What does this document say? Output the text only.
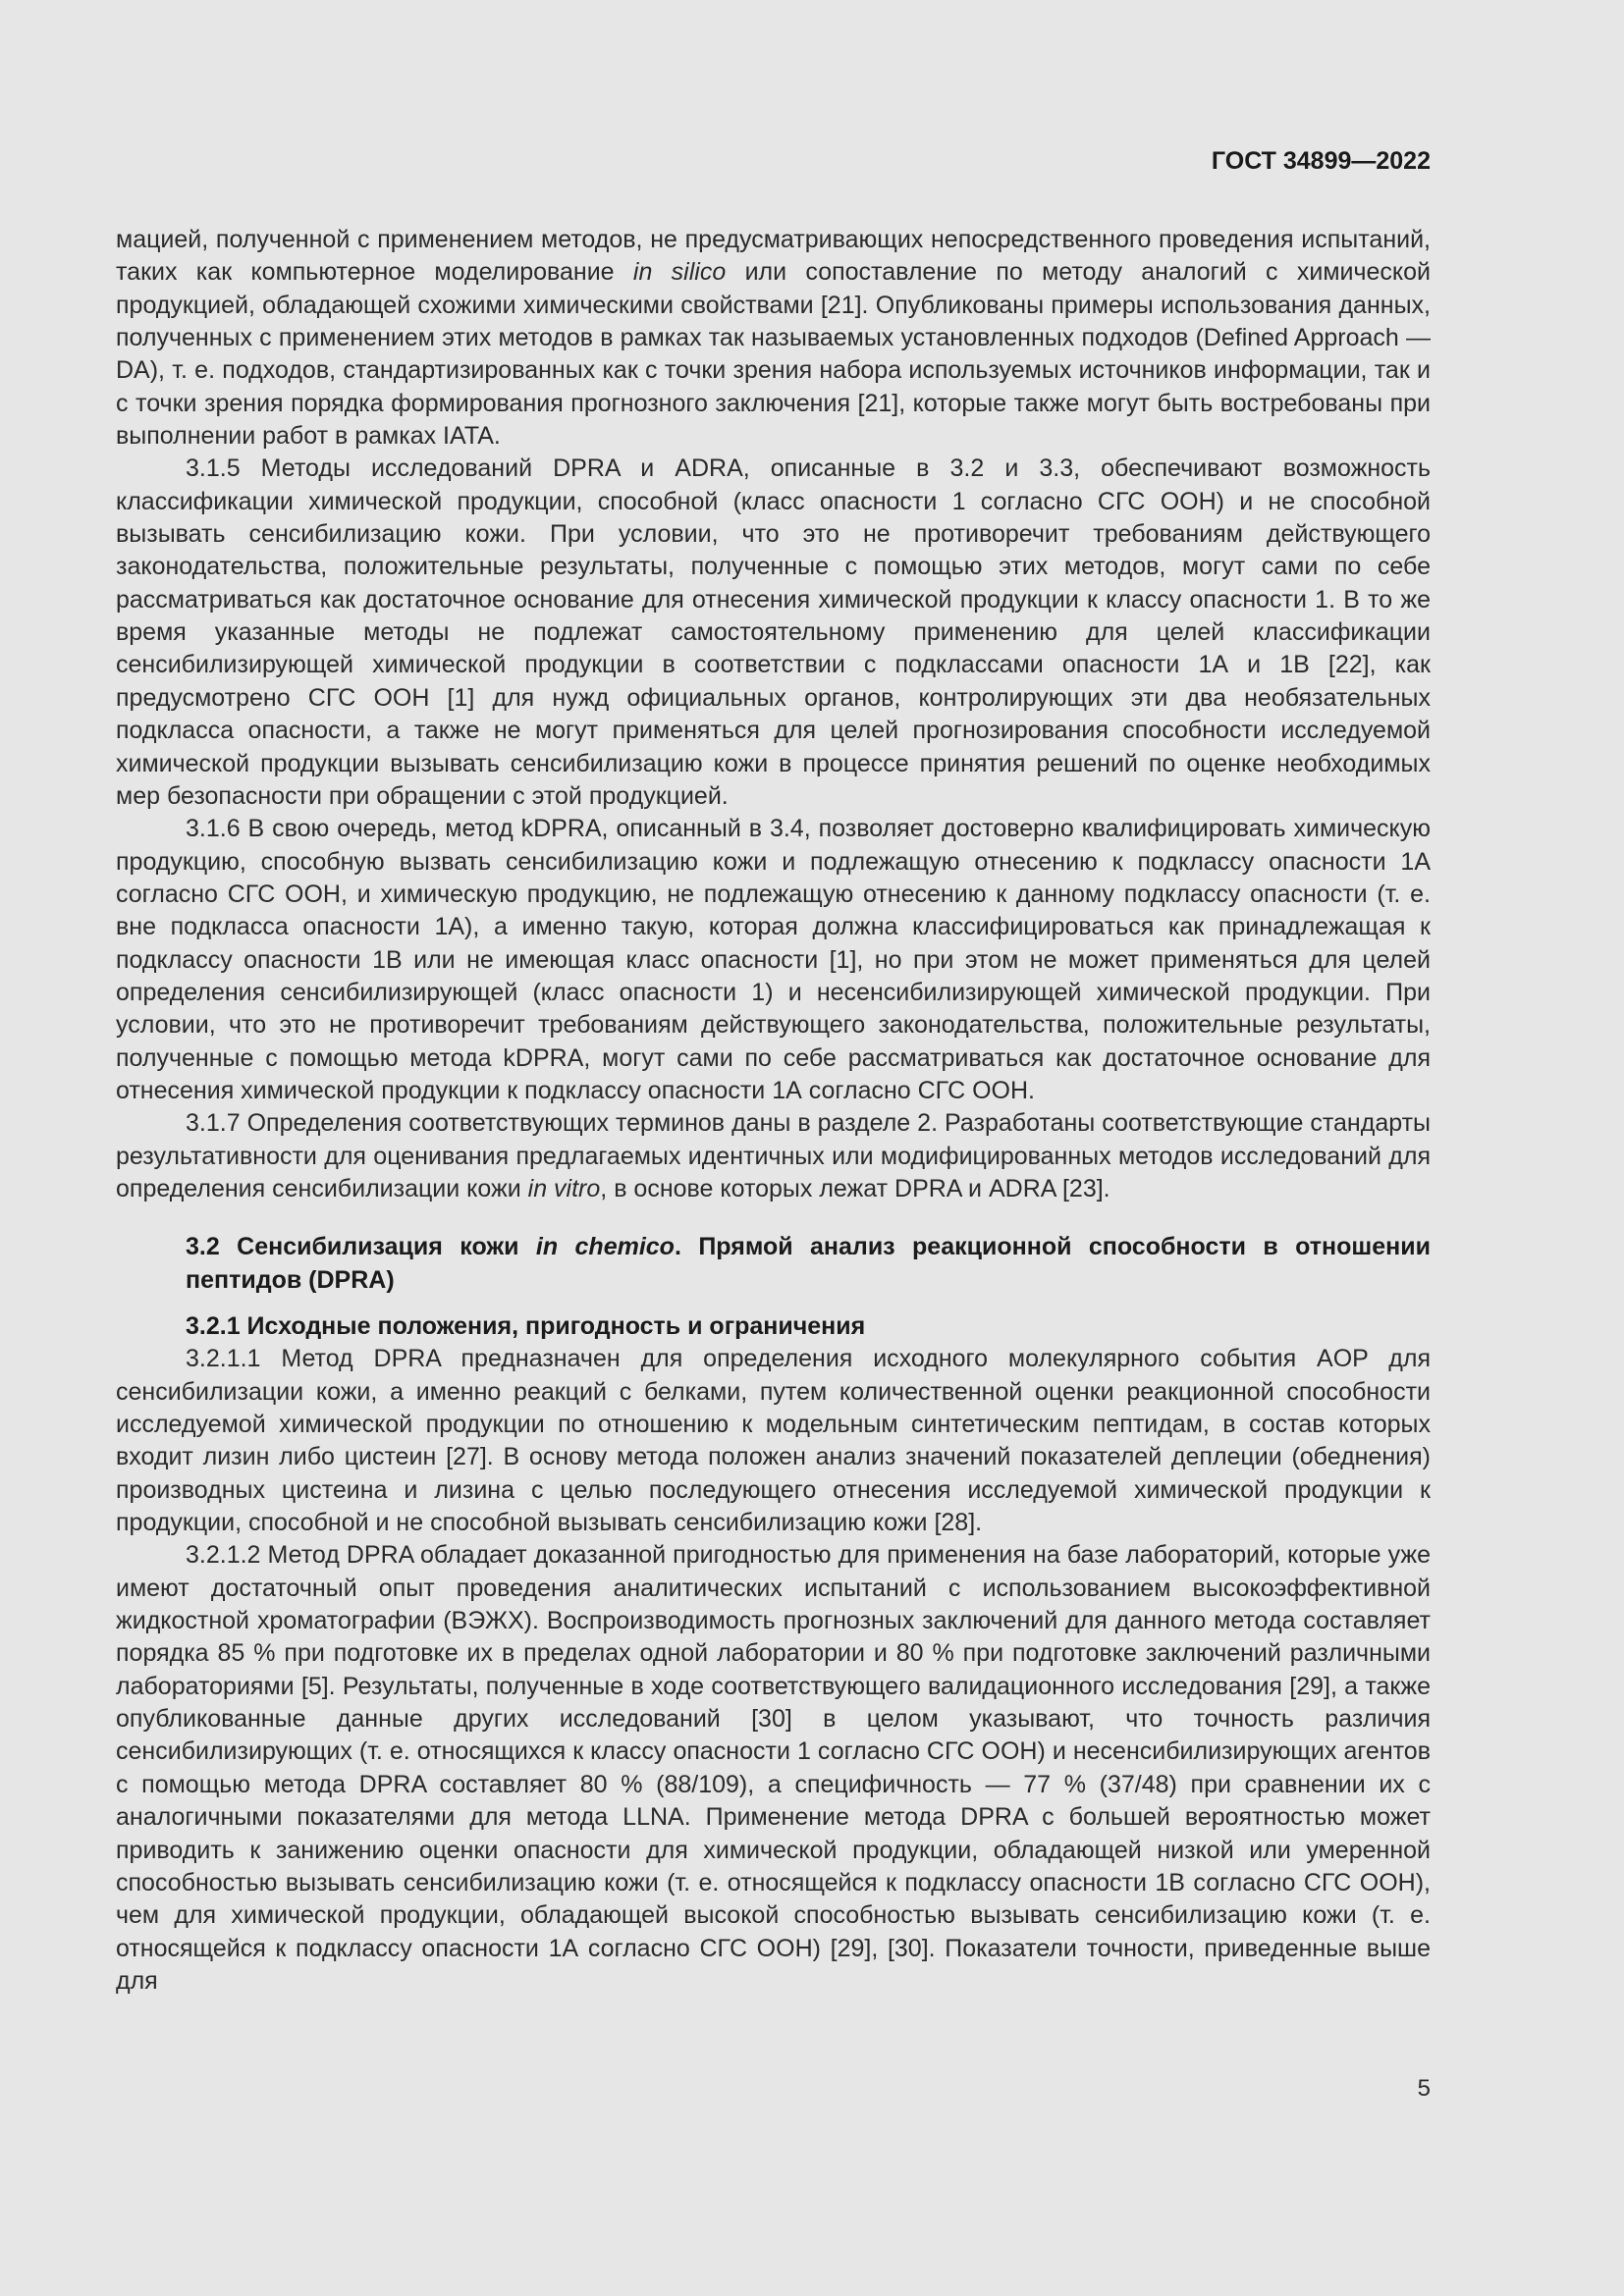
ГОСТ 34899—2022

мацией, полученной с применением методов, не предусматривающих непосредственного проведения испытаний, таких как компьютерное моделирование in silico или сопоставление по методу аналогий с химической продукцией, обладающей схожими химическими свойствами [21]. Опубликованы примеры использования данных, полученных с применением этих методов в рамках так называемых установленных подходов (Defined Approach — DA), т. е. подходов, стандартизированных как с точки зрения набора используемых источников информации, так и с точки зрения порядка формирования прогнозного заключения [21], которые также могут быть востребованы при выполнении работ в рамках IATA.

3.1.5 Методы исследований DPRA и ADRA, описанные в 3.2 и 3.3, обеспечивают возможность классификации химической продукции, способной (класс опасности 1 согласно СГС ООН) и не способной вызывать сенсибилизацию кожи. При условии, что это не противоречит требованиям действующего законодательства, положительные результаты, полученные с помощью этих методов, могут сами по себе рассматриваться как достаточное основание для отнесения химической продукции к классу опасности 1. В то же время указанные методы не подлежат самостоятельному применению для целей классификации сенсибилизирующей химической продукции в соответствии с подклассами опасности 1А и 1В [22], как предусмотрено СГС ООН [1] для нужд официальных органов, контролирующих эти два необязательных подкласса опасности, а также не могут применяться для целей прогнозирования способности исследуемой химической продукции вызывать сенсибилизацию кожи в процессе принятия решений по оценке необходимых мер безопасности при обращении с этой продукцией.

3.1.6 В свою очередь, метод kDPRA, описанный в 3.4, позволяет достоверно квалифицировать химическую продукцию, способную вызвать сенсибилизацию кожи и подлежащую отнесению к подклассу опасности 1А согласно СГС ООН, и химическую продукцию, не подлежащую отнесению к данному подклассу опасности (т. е. вне подкласса опасности 1А), а именно такую, которая должна классифицироваться как принадлежащая к подклассу опасности 1В или не имеющая класс опасности [1], но при этом не может применяться для целей определения сенсибилизирующей (класс опасности 1) и несенсибилизирующей химической продукции. При условии, что это не противоречит требованиям действующего законодательства, положительные результаты, полученные с помощью метода kDPRA, могут сами по себе рассматриваться как достаточное основание для отнесения химической продукции к подклассу опасности 1А согласно СГС ООН.

3.1.7 Определения соответствующих терминов даны в разделе 2. Разработаны соответствующие стандарты результативности для оценивания предлагаемых идентичных или модифицированных методов исследований для определения сенсибилизации кожи in vitro, в основе которых лежат DPRA и ADRA [23].

3.2 Сенсибилизация кожи in chemico. Прямой анализ реакционной способности в отношении пептидов (DPRA)

3.2.1 Исходные положения, пригодность и ограничения

3.2.1.1 Метод DPRA предназначен для определения исходного молекулярного события AOP для сенсибилизации кожи, а именно реакций с белками, путем количественной оценки реакционной способности исследуемой химической продукции по отношению к модельным синтетическим пептидам, в состав которых входит лизин либо цистеин [27]. В основу метода положен анализ значений показателей деплеции (обеднения) производных цистеина и лизина с целью последующего отнесения исследуемой химической продукции к продукции, способной и не способной вызывать сенсибилизацию кожи [28].

3.2.1.2 Метод DPRA обладает доказанной пригодностью для применения на базе лабораторий, которые уже имеют достаточный опыт проведения аналитических испытаний с использованием высокоэффективной жидкостной хроматографии (ВЭЖХ). Воспроизводимость прогнозных заключений для данного метода составляет порядка 85 % при подготовке их в пределах одной лаборатории и 80 % при подготовке заключений различными лабораториями [5]. Результаты, полученные в ходе соответствующего валидационного исследования [29], а также опубликованные данные других исследований [30] в целом указывают, что точность различия сенсибилизирующих (т. е. относящихся к классу опасности 1 согласно СГС ООН) и несенсибилизирующих агентов с помощью метода DPRA составляет 80 % (88/109), а специфичность — 77 % (37/48) при сравнении их с аналогичными показателями для метода LLNA. Применение метода DPRA с большей вероятностью может приводить к занижению оценки опасности для химической продукции, обладающей низкой или умеренной способностью вызывать сенсибилизацию кожи (т. е. относящейся к подклассу опасности 1В согласно СГС ООН), чем для химической продукции, обладающей высокой способностью вызывать сенсибилизацию кожи (т. е. относящейся к подклассу опасности 1А согласно СГС ООН) [29], [30]. Показатели точности, приведенные выше для

5
